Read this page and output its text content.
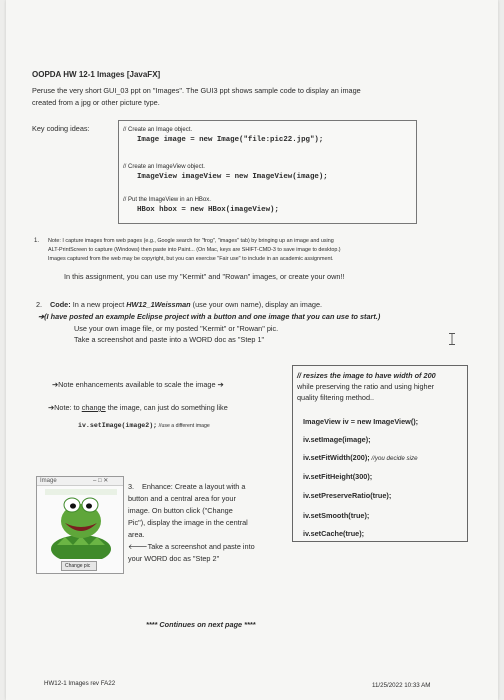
OOPDA HW 12-1 Images [JavaFX]
Peruse the very short GUI_03 ppt on "Images". The GUI3 ppt shows sample code to display an image
created from a jpg or other picture type.
Key coding ideas:	// Create an Image object.
Image image = new Image("file:pic22.jpg");
// Create an ImageView object.
ImageView imageView = new ImageView(image);
// Put the ImageView in an HBox.
HBox hbox = new HBox(imageView);
1. Note: I capture images from web pages (e.g., Google search for "frog", "images" tab) by bringing up an image and using
ALT-PrintScreen to capture (Windows) then paste into Paint... (On Mac, keys are SHIFT-CMD-3 to save image to desktop.)
Images captured from the web may be copyright, but you can exercise "Fair use" to include in an academic assignment.
In this assignment, you can use my "Kermit" and "Rowan" images, or create your own!!
2. Code: In a new project HW12_1Weissman (use your own name), display an image.
➔(I have posted an example Eclipse project with a button and one image that you can use to start.)
Use your own image file, or my posted "Kermit" or "Rowan" pic.
Take a screenshot and paste into a WORD doc as "Step 1"
➔Note enhancements available to scale the image ➔
➔Note: to change the image, can just do something like
iv.setImage(image2); //use a different image
// resizes the image to have width of 200
while preserving the ratio and using higher
quality filtering method..
ImageView iv = new ImageView();
iv.setImage(image);
iv.setFitWidth(200); //you decide size
iv.setFitHeight(300);
iv.setPreserveRatio(true);
iv.setSmooth(true);
iv.setCache(true);
Image	– □ ✕
Change pic
3. Enhance: Create a layout with a
button and a central area for your
image. On button click ("Change
Pic"), display the image in the central
area.
🡐Take a screenshot and paste into
your WORD doc as "Step 2"
**** Continues on next page ****
HW12-1 Images rev FA22	11/25/2022 10:33 AM
